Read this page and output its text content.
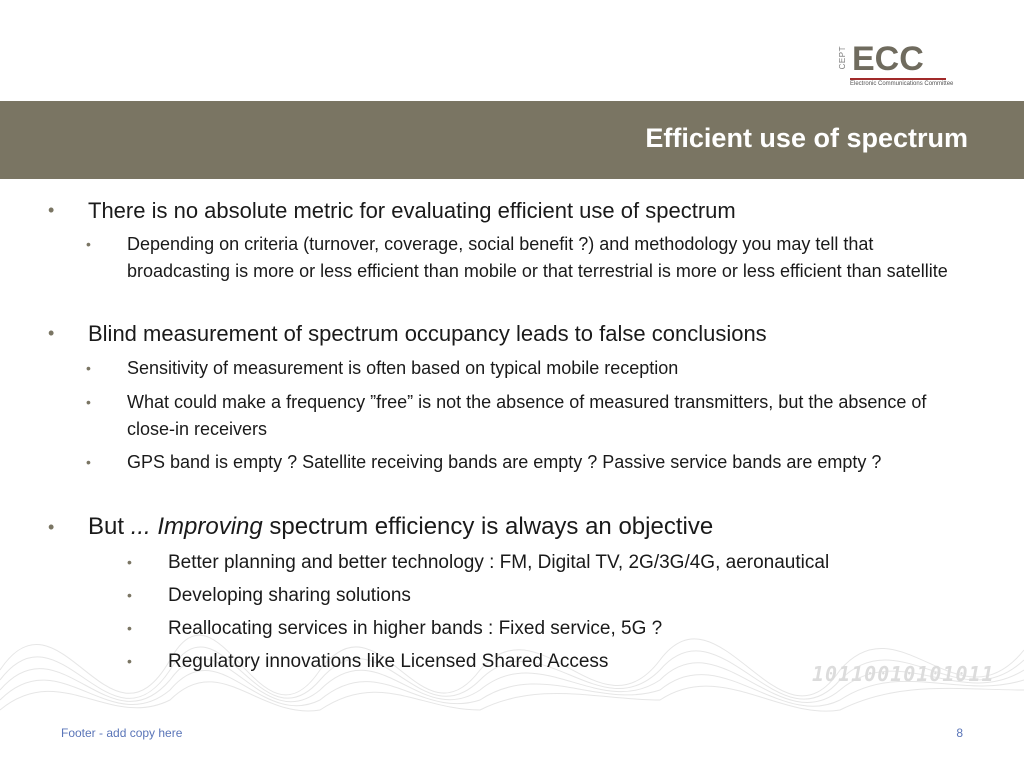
CEPT ECC
Electronic Communications Committee
Efficient use of spectrum
• There is no absolute metric for evaluating efficient use of spectrum
• Depending on criteria (turnover, coverage, social benefit ?) and methodology you may tell that broadcasting is more or less efficient than mobile or that terrestrial is more or less efficient than satellite
• Blind measurement of spectrum occupancy leads to false conclusions
• Sensitivity of measurement is often based on typical mobile reception
• What could make a frequency ”free” is not the absence of measured transmitters, but the absence of close-in receivers
• GPS band is empty ? Satellite receiving bands are empty ? Passive service bands are empty ?
• But ... Improving spectrum efficiency is always an objective
• Better planning and better technology : FM, Digital TV, 2G/3G/4G, aeronautical
• Developing sharing solutions
• Reallocating services in higher bands : Fixed service, 5G ?
• Regulatory innovations like Licensed Shared Access
10110010101011
Footer - add copy here	8
